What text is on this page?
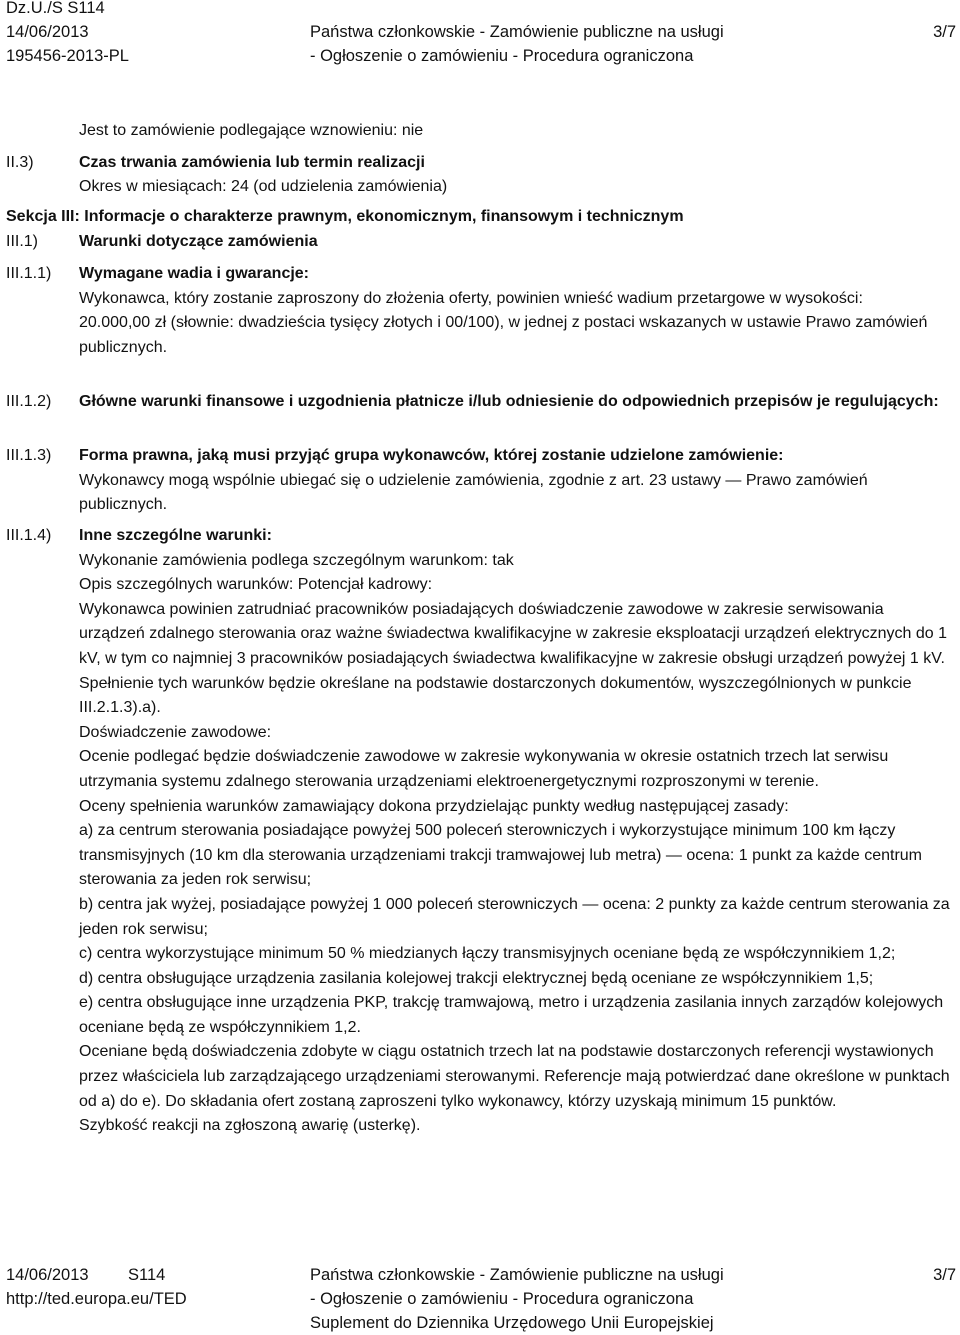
Dz.U./S S114
14/06/2013
195456-2013-PL
Państwa członkowskie - Zamówienie publiczne na usługi
- Ogłoszenie o zamówieniu - Procedura ograniczona
3/7
Jest to zamówienie podlegające wznowieniu: nie
II.3)	Czas trwania zamówienia lub termin realizacji
Okres w miesiącach: 24 (od udzielenia zamówienia)
Sekcja III: Informacje o charakterze prawnym, ekonomicznym, finansowym i technicznym
III.1)	Warunki dotyczące zamówienia
III.1.1) Wymagane wadia i gwarancje:

Wykonawca, który zostanie zaproszony do złożenia oferty, powinien wnieść wadium przetargowe w wysokości:

20.000,00 zł (słownie: dwadzieścia tysięcy złotych i 00/100), w jednej z postaci wskazanych w ustawie Prawo zamówień publicznych.

III.1.2) Główne warunki finansowe i uzgodnienia płatnicze i/lub odniesienie do odpowiednich przepisów je regulujących:

III.1.3) Forma prawna, jaką musi przyjąć grupa wykonawców, której zostanie udzielone zamówienie:

Wykonawcy mogą wspólnie ubiegać się o udzielenie zamówienia, zgodnie z art. 23 ustawy — Prawo zamówień publicznych.

III.1.4) Inne szczególne warunki:

Wykonanie zamówienia podlega szczególnym warunkom: tak

Opis szczególnych warunków: Potencjał kadrowy:

Wykonawca powinien zatrudniać pracowników posiadających doświadczenie zawodowe w zakresie serwisowania urządzeń zdalnego sterowania oraz ważne świadectwa kwalifikacyjne w zakresie eksploatacji urządzeń elektrycznych do 1 kV, w tym co najmniej 3 pracowników posiadających świadectwa kwalifikacyjne w zakresie obsługi urządzeń powyżej 1 kV. Spełnienie tych warunków będzie określane na podstawie dostarczonych dokumentów, wyszczególnionych w punkcie III.2.1.3).a).

Doświadczenie zawodowe:

Ocenie podlegać będzie doświadczenie zawodowe w zakresie wykonywania w okresie ostatnich trzech lat serwisu utrzymania systemu zdalnego sterowania urządzeniami elektroenergetycznymi rozproszonymi w terenie.

Oceny spełnienia warunków zamawiający dokona przydzielając punkty według następującej zasady:

a) za centrum sterowania posiadające powyżej 500 poleceń sterowniczych i wykorzystujące minimum 100 km łączy transmisyjnych (10 km dla sterowania urządzeniami trakcji tramwajowej lub metra) — ocena: 1 punkt za każde centrum sterowania za jeden rok serwisu;

b) centra jak wyżej, posiadające powyżej 1 000 poleceń sterowniczych — ocena: 2 punkty za każde centrum sterowania za jeden rok serwisu;

c) centra wykorzystujące minimum 50 % miedzianych łączy transmisyjnych oceniane będą ze współczynnikiem 1,2;

d) centra obsługujące urządzenia zasilania kolejowej trakcji elektrycznej będą oceniane ze współczynnikiem 1,5;

e) centra obsługujące inne urządzenia PKP, trakcję tramwajową, metro i urządzenia zasilania innych zarządów kolejowych oceniane będą ze współczynnikiem 1,2.

Oceniane będą doświadczenia zdobyte w ciągu ostatnich trzech lat na podstawie dostarczonych referencji wystawionych przez właściciela lub zarządzającego urządzeniami sterowanymi. Referencje mają potwierdzać dane określone w punktach od a) do e). Do składania ofert zostaną zaproszeni tylko wykonawcy, którzy uzyskają minimum 15 punktów.

Szybkość reakcji na zgłoszoną awarię (usterkę).

14/06/2013 S114
http://ted.europa.eu/TED
Państwa członkowskie - Zamówienie publiczne na usługi
- Ogłoszenie o zamówieniu - Procedura ograniczona
Suplement do Dziennika Urzędowego Unii Europejskiej
3/7
